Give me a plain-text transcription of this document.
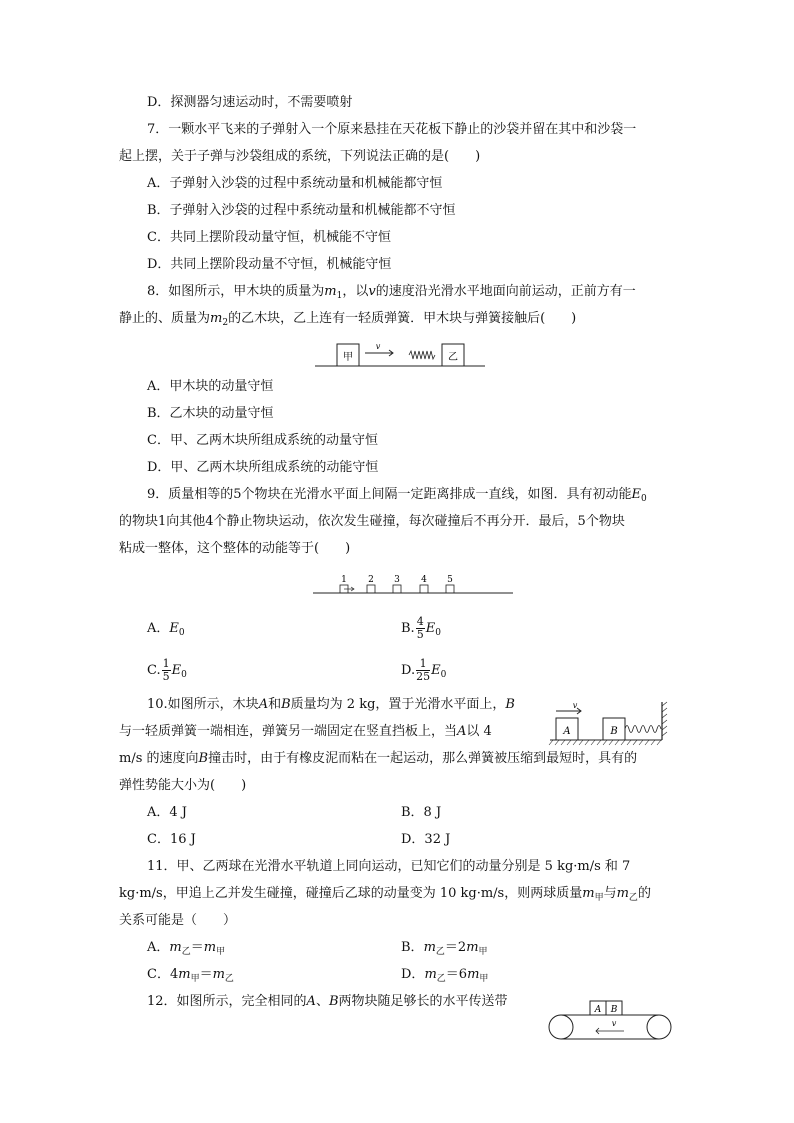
D．探测器匀速运动时，不需要喷射
7．一颗水平飞来的子弹射入一个原来悬挂在天花板下静止的沙袋并留在其中和沙袋一
起上摆，关于子弹与沙袋组成的系统，下列说法正确的是(　　)
A．子弹射入沙袋的过程中系统动量和机械能都守恒
B．子弹射入沙袋的过程中系统动量和机械能都不守恒
C．共同上摆阶段动量守恒，机械能不守恒
D．共同上摆阶段动量不守恒，机械能守恒
8．如图所示，甲木块的质量为$m_1$，以v的速度沿光滑水平地面向前运动，正前方有一
静止的、质量为$m_2$的乙木块，乙上连有一轻质弹簧．甲木块与弹簧接触后(　　)
甲
v
乙
A．甲木块的动量守恒
B．乙木块的动量守恒
C．甲、乙两木块所组成系统的动量守恒
D．甲、乙两木块所组成系统的动能守恒
9．质量相等的5个物块在光滑水平面上间隔一定距离排成一直线，如图．具有初动能$E_0$
的物块1向其他4个静止物块运动，依次发生碰撞，每次碰撞后不再分开．最后，5个物块
粘成一整体，这个整体的动能等于(　　)
1 2 3 4 5
A．$E_0$	B. $\frac{4}{5} E_0$
C. $\frac{1}{5} E_0$	D. $\frac{1}{25} E_0$
10.如图所示，木块A和B质量均为 2 kg，置于光滑水平面上，B
与一轻质弹簧一端相连，弹簧另一端固定在竖直挡板上，当A以 4
m/s 的速度向B撞击时，由于有橡皮泥而粘在一起运动，那么弹簧被压缩到最短时，具有的
弹性势能大小为(　　)
A
v
B
A．4 J	B．8 J
C．16 J	D．32 J
11．甲、乙两球在光滑水平轨道上同向运动，已知它们的动量分别是 5 kg·m/s 和 7
kg·m/s，甲追上乙并发生碰撞，碰撞后乙球的动量变为 10 kg·m/s，则两球质量$m_甲$与$m_乙$的
关系可能是（　　）
A．$m_乙=m_甲$	B．$m_乙=2m_甲$
C．$4m_甲=m_乙$	D．$m_乙=6m_甲$
12．如图所示，完全相同的A、B两物块随足够长的水平传送带
A B
v
